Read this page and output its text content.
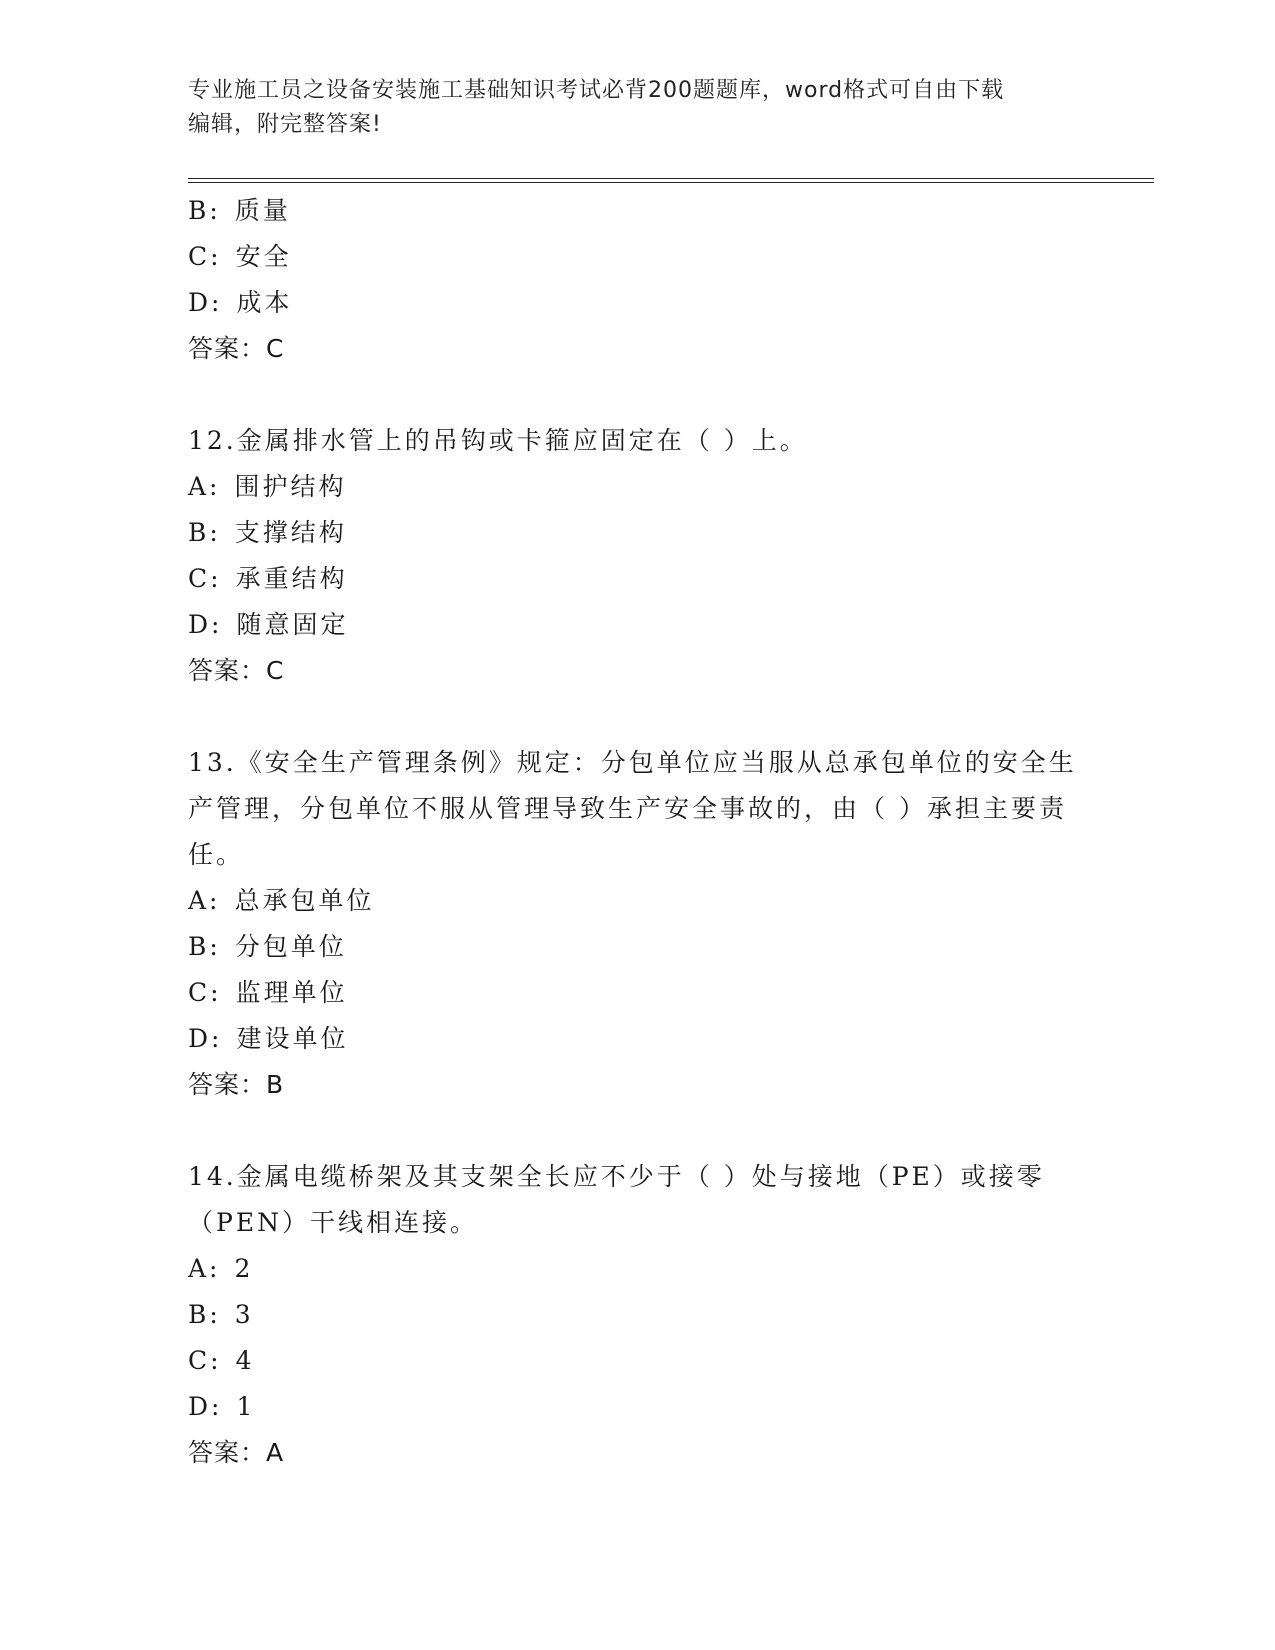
专业施工员之设备安装施工基础知识考试必背200题题库，word格式可自由下载
编辑，附完整答案!
B: 质量
C: 安全
D: 成本
答案：C
12.金属排水管上的吊钩或卡箍应固定在（ ）上。
A: 围护结构
B: 支撑结构
C: 承重结构
D: 随意固定
答案：C
13.《安全生产管理条例》规定：分包单位应当服从总承包单位的安全生产管理，分包单位不服从管理导致生产安全事故的，由（ ）承担主要责任。
A: 总承包单位
B: 分包单位
C: 监理单位
D: 建设单位
答案：B
14.金属电缆桥架及其支架全长应不少于（ ）处与接地（PE）或接零（PEN）干线相连接。
A: 2
B: 3
C: 4
D: 1
答案：A
